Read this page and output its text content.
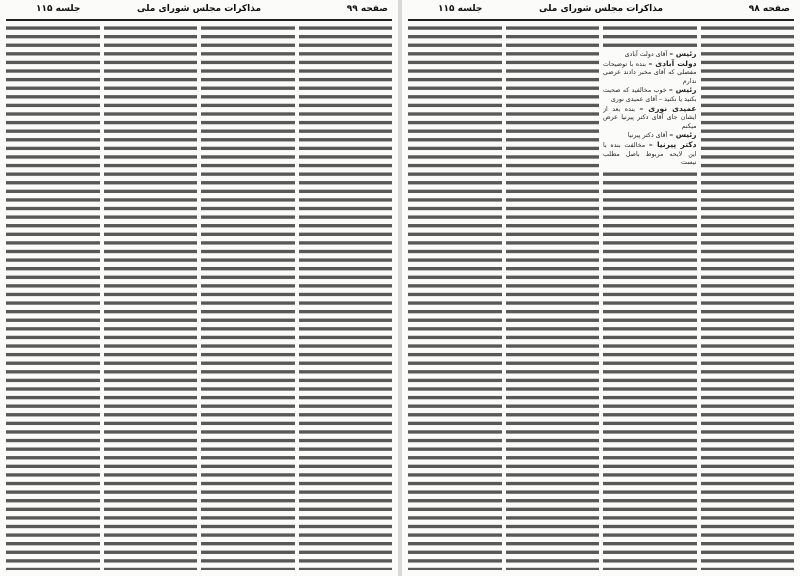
صفحه ۹۹
مذاکرات مجلس شورای ملی
جلسه ۱۱۵	صفحه ۹۸
مذاکرات مجلس شورای ملی
جلسه ۱۱۵
رئیس – آقای دولت آبادی
دولت آبادی – بنده با توضیحات مفصلی که آقای مخبر دادند عرضی ندارم
رئیس – خوب مخالفید که صحبت بکنید یا نکنید – آقای عمیدی نوری
عمیدی نوری – بنده بعد از ایشان جای آقای دکتر پیرنیا عرض میکنم
رئیس – آقای دکتر پیرنیا
دکتر پیرنیا – مخالفت بنده با این لایحه مربوط باصل مطلب نیست
